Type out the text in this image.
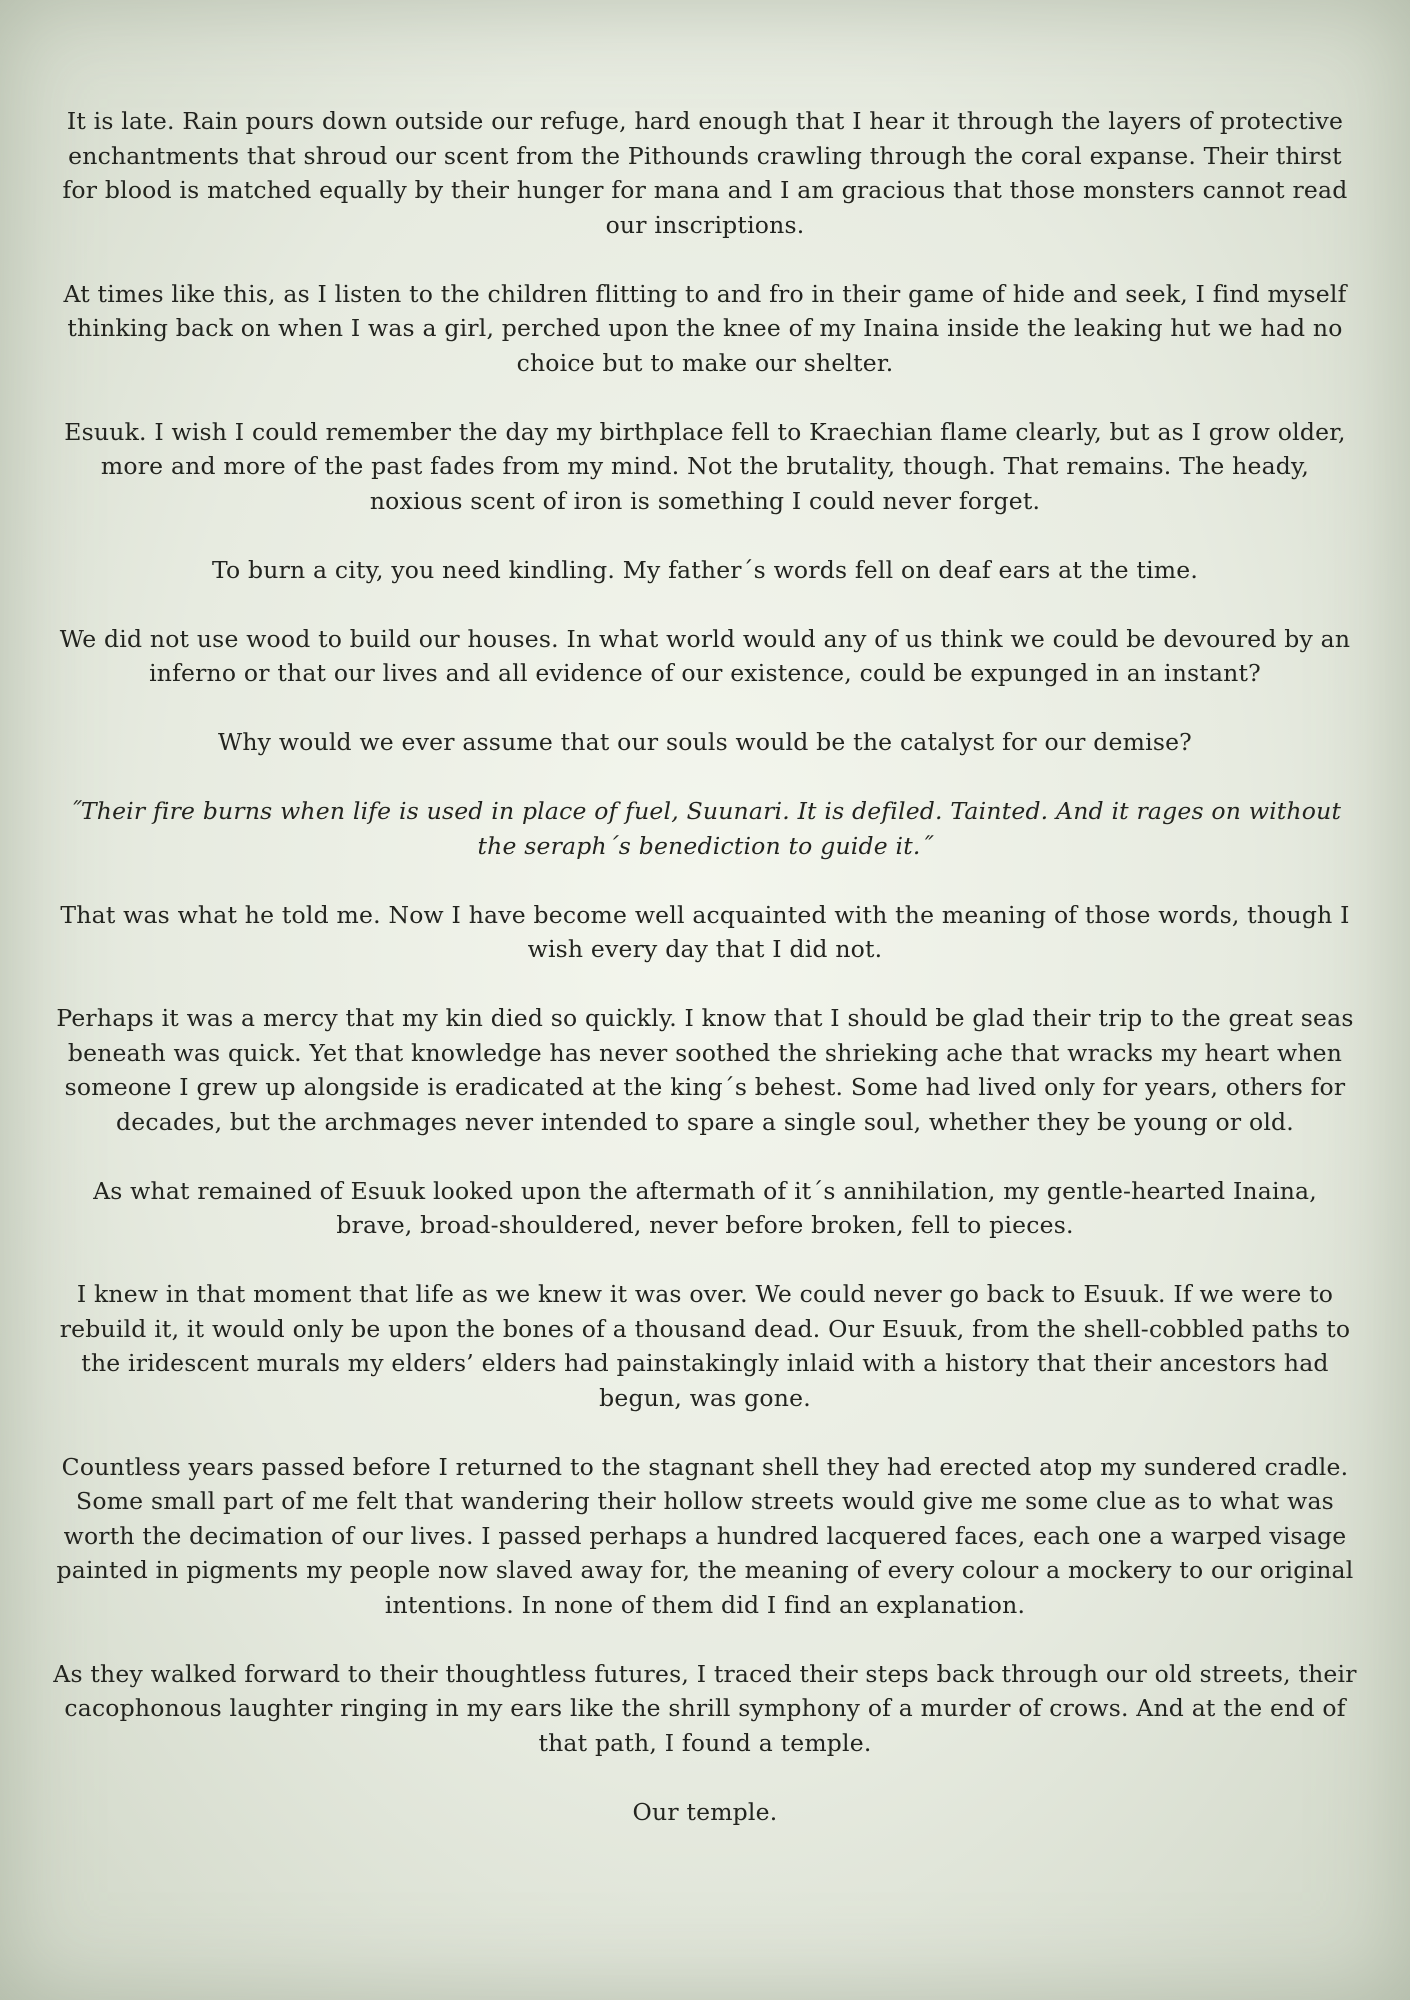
It is late. Rain pours down outside our refuge, hard enough that I hear it through the layers of protective enchantments that shroud our scent from the Pithounds crawling through the coral expanse. Their thirst for blood is matched equally by their hunger for mana and I am gracious that those monsters cannot read our inscriptions.

At times like this, as I listen to the children flitting to and fro in their game of hide and seek, I find myself thinking back on when I was a girl, perched upon the knee of my Inaina inside the leaking hut we had no choice but to make our shelter.

Esuuk. I wish I could remember the day my birthplace fell to Kraechian flame clearly, but as I grow older, more and more of the past fades from my mind. Not the brutality, though. That remains. The heady, noxious scent of iron is something I could never forget.

To burn a city, you need kindling. My father´s words fell on deaf ears at the time.

We did not use wood to build our houses. In what world would any of us think we could be devoured by an inferno or that our lives and all evidence of our existence, could be expunged in an instant?

Why would we ever assume that our souls would be the catalyst for our demise?

˝Their fire burns when life is used in place of fuel, Suunari. It is defiled. Tainted. And it rages on without the seraph´s benediction to guide it.˝

That was what he told me. Now I have become well acquainted with the meaning of those words, though I wish every day that I did not.

Perhaps it was a mercy that my kin died so quickly. I know that I should be glad their trip to the great seas beneath was quick. Yet that knowledge has never soothed the shrieking ache that wracks my heart when someone I grew up alongside is eradicated at the king´s behest. Some had lived only for years, others for decades, but the archmages never intended to spare a single soul, whether they be young or old.

As what remained of Esuuk looked upon the aftermath of it´s annihilation, my gentle-hearted Inaina, brave, broad-shouldered, never before broken, fell to pieces.

I knew in that moment that life as we knew it was over. We could never go back to Esuuk. If we were to rebuild it, it would only be upon the bones of a thousand dead. Our Esuuk, from the shell-cobbled paths to the iridescent murals my elders’ elders had painstakingly inlaid with a history that their ancestors had begun, was gone.

Countless years passed before I returned to the stagnant shell they had erected atop my sundered cradle. Some small part of me felt that wandering their hollow streets would give me some clue as to what was worth the decimation of our lives. I passed perhaps a hundred lacquered faces, each one a warped visage painted in pigments my people now slaved away for, the meaning of every colour a mockery to our original intentions. In none of them did I find an explanation.

As they walked forward to their thoughtless futures, I traced their steps back through our old streets, their cacophonous laughter ringing in my ears like the shrill symphony of a murder of crows. And at the end of that path, I found a temple.

Our temple.
